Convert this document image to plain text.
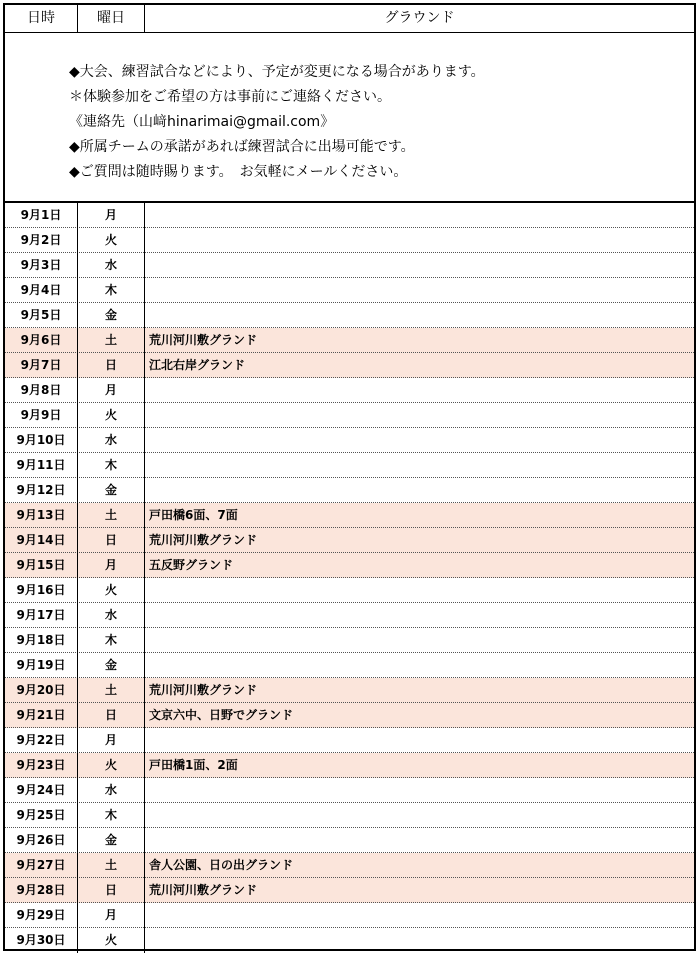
日時	曜日	グラウンド
◆大会、練習試合などにより、予定が変更になる場合があります。
＊体験参加をご希望の方は事前にご連絡ください。
《連絡先（山﨑hinarimai@gmail.com》
◆所属チームの承諾があれば練習試合に出場可能です。
◆ご質問は随時賜ります。　お気軽にメールください。
9月1日	月
9月2日	火
9月3日	水
9月4日	木
9月5日	金
9月6日	土	荒川河川敷グランド
9月7日	日	江北右岸グランド
9月8日	月
9月9日	火
9月10日	水
9月11日	木
9月12日	金
9月13日	土	戸田橋6面、7面
9月14日	日	荒川河川敷グランド
9月15日	月	五反野グランド
9月16日	火
9月17日	水
9月18日	木
9月19日	金
9月20日	土	荒川河川敷グランド
9月21日	日	文京六中、日野でグランド
9月22日	月
9月23日	火	戸田橋1面、2面
9月24日	水
9月25日	木
9月26日	金
9月27日	土	舎人公園、日の出グランド
9月28日	日	荒川河川敷グランド
9月29日	月
9月30日	火
